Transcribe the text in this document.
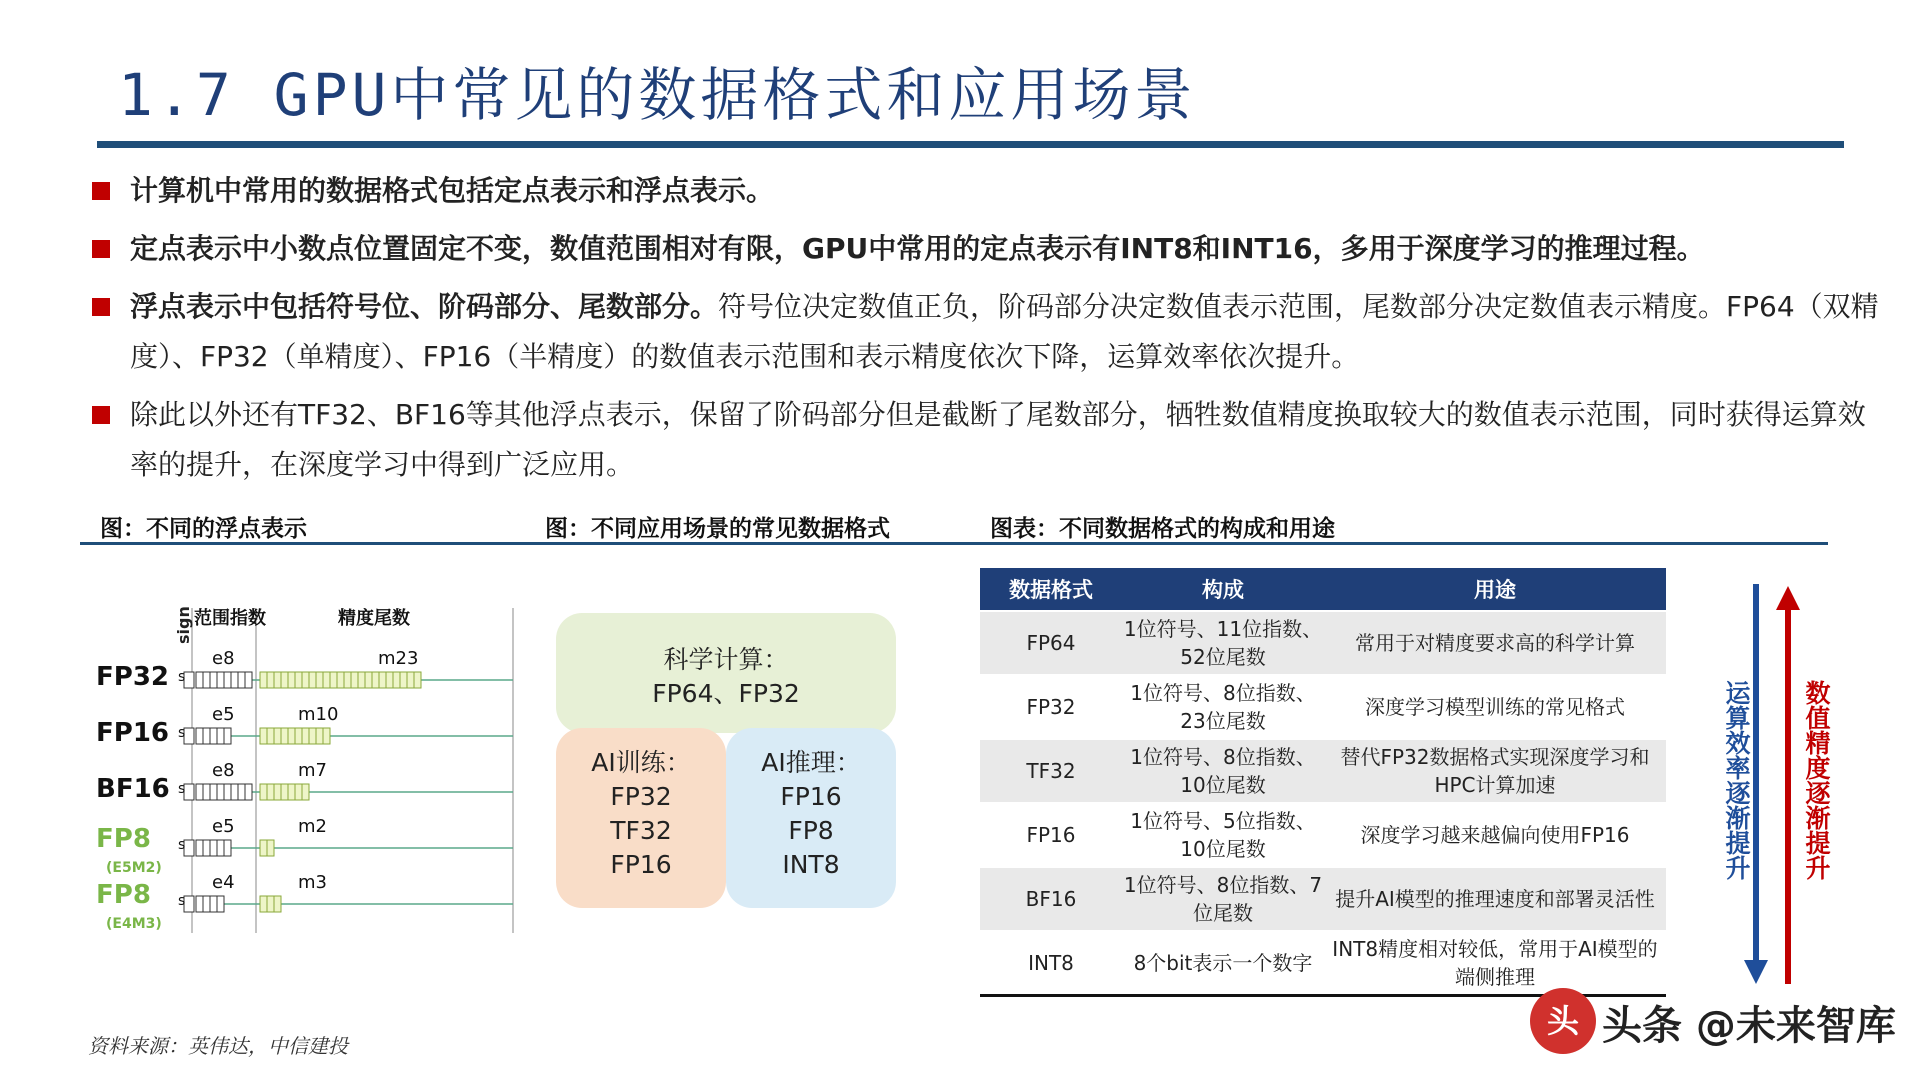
1.7 GPU中常见的数据格式和应用场景
计算机中常用的数据格式包括定点表示和浮点表示。
定点表示中小数点位置固定不变，数值范围相对有限，GPU中常用的定点表示有INT8和INT16，多用于深度学习的推理过程。
浮点表示中包括符号位、阶码部分、尾数部分。符号位决定数值正负，阶码部分决定数值表示范围，尾数部分决定数值表示精度。FP64（双精度）、FP32（单精度）、FP16（半精度）的数值表示范围和表示精度依次下降，运算效率依次提升。
除此以外还有TF32、BF16等其他浮点表示，保留了阶码部分但是截断了尾数部分，牺牲数值精度换取较大的数值表示范围，同时获得运算效率的提升，在深度学习中得到广泛应用。
图：不同的浮点表示	图：不同应用场景的常见数据格式	图表：不同数据格式的构成和用途
sign 范围指数	精度尾数
FP32 s
e8	m23
FP16 s
e5	m10
BF16 s
e8	m7
FP8
(E5M2)
s
e5	m2
FP8
(E4M3)
s
e4	m3
科学计算：
FP64、FP32
AI训练：
FP32
TF32
FP16
AI推理：
FP16
FP8
INT8
数据格式	构成	用途
FP64	1位符号、11位指数、52位尾数	常用于对精度要求高的科学计算
FP32	1位符号、8位指数、23位尾数	深度学习模型训练的常见格式
TF32	1位符号、8位指数、10位尾数	替代FP32数据格式实现深度学习和HPC计算加速
FP16	1位符号、5位指数、10位尾数	深度学习越来越偏向使用FP16
BF16	1位符号、8位指数、7位尾数	提升AI模型的推理速度和部署灵活性
INT8	8个bit表示一个数字	INT8精度相对较低，常用于AI模型的端侧推理
运算效率逐渐提升 数值精度逐渐提升
资料来源：英伟达，中信建投
头 头条 @未来智库
